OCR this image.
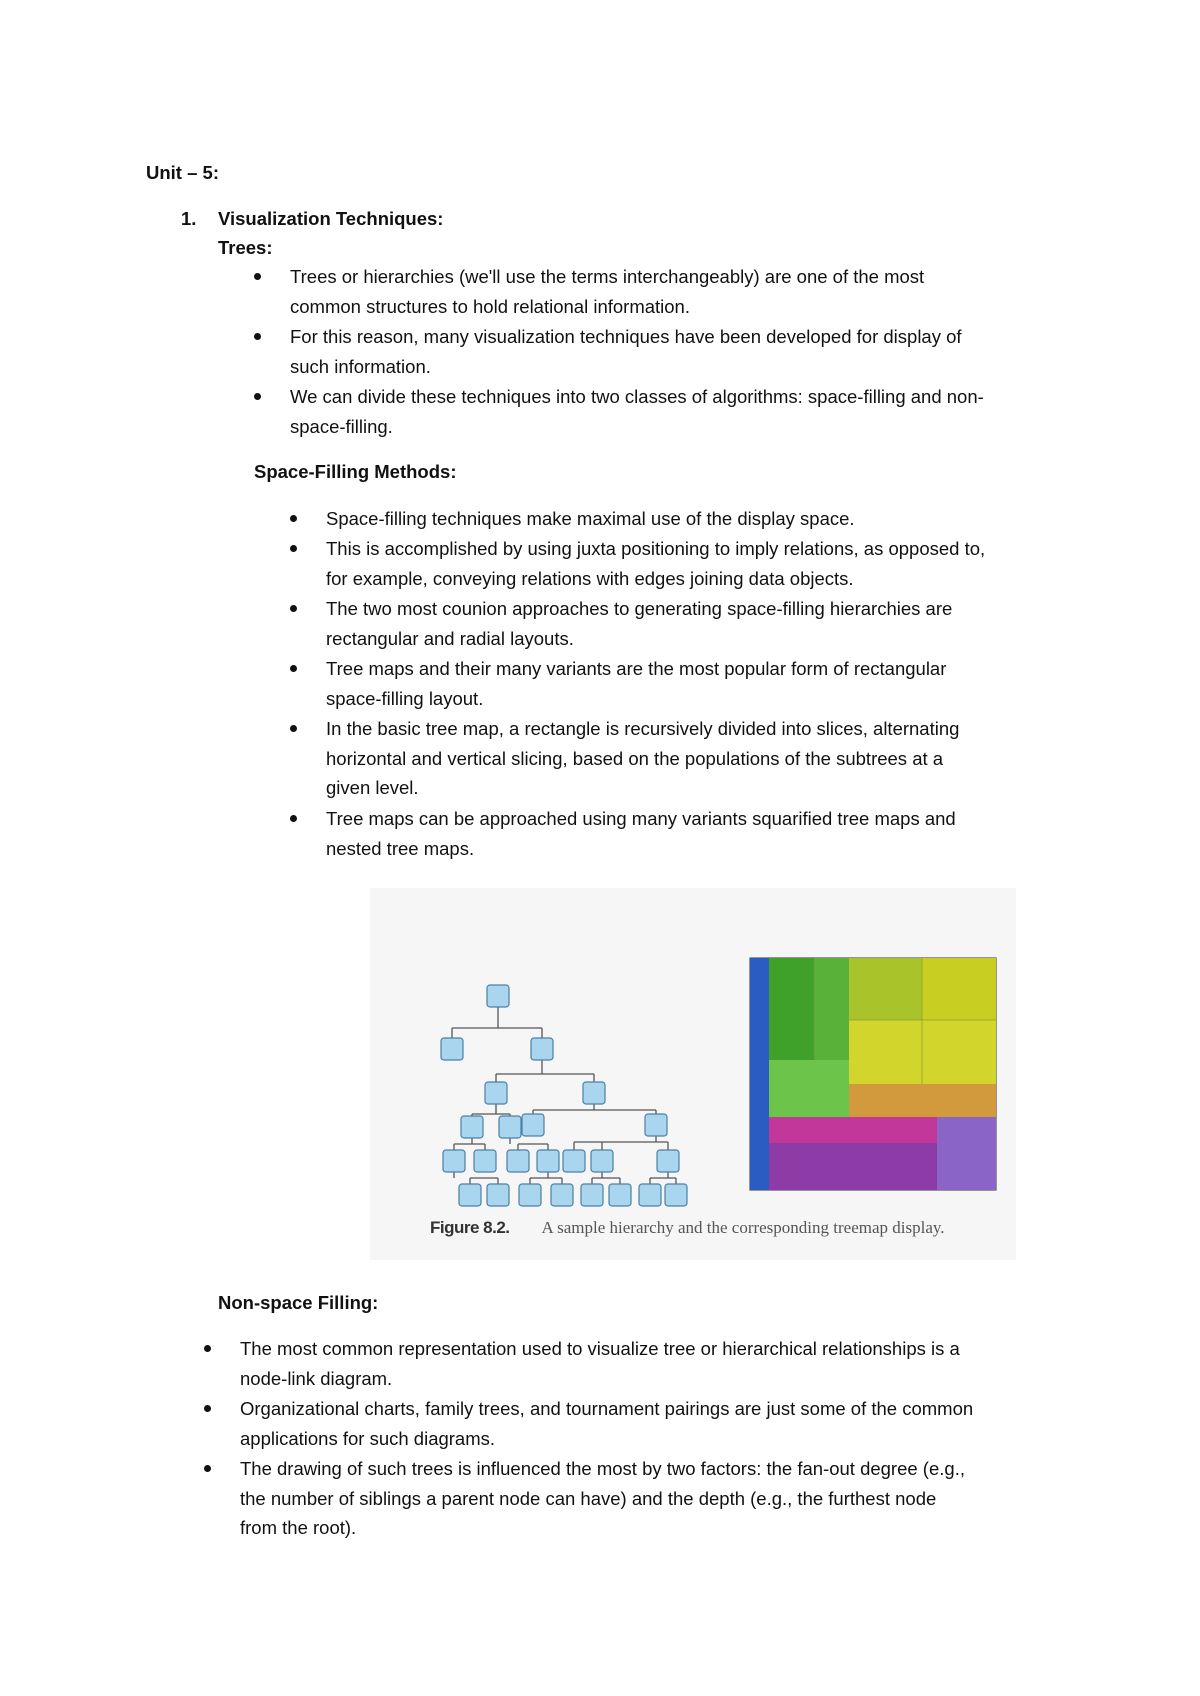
Unit – 5:
1. Visualization Techniques:
Trees:
Trees or hierarchies (we'll use the terms interchangeably) are one of the most
common structures to hold relational information.
For this reason, many visualization techniques have been developed for display of
such information.
We can divide these techniques into two classes of algorithms: space-filling and non-
space-filling.
Space-Filling Methods:
Space-filling techniques make maximal use of the display space.
This is accomplished by using juxta positioning to imply relations, as opposed to,
for example, conveying relations with edges joining data objects.
The two most counion approaches to generating space-filling hierarchies are
rectangular and radial layouts.
Tree maps and their many variants are the most popular form of rectangular
space-filling layout.
In the basic tree map, a rectangle is recursively divided into slices, alternating
horizontal and vertical slicing, based on the populations of the subtrees at a
given level.
Tree maps can be approached using many variants squarified tree maps and
nested tree maps.
Figure 8.2. A sample hierarchy and the corresponding treemap display.
Non-space Filling:
The most common representation used to visualize tree or hierarchical relationships is a
node-link diagram.
Organizational charts, family trees, and tournament pairings are just some of the common
applications for such diagrams.
The drawing of such trees is influenced the most by two factors: the fan-out degree (e.g.,
the number of siblings a parent node can have) and the depth (e.g., the furthest node
from the root).
